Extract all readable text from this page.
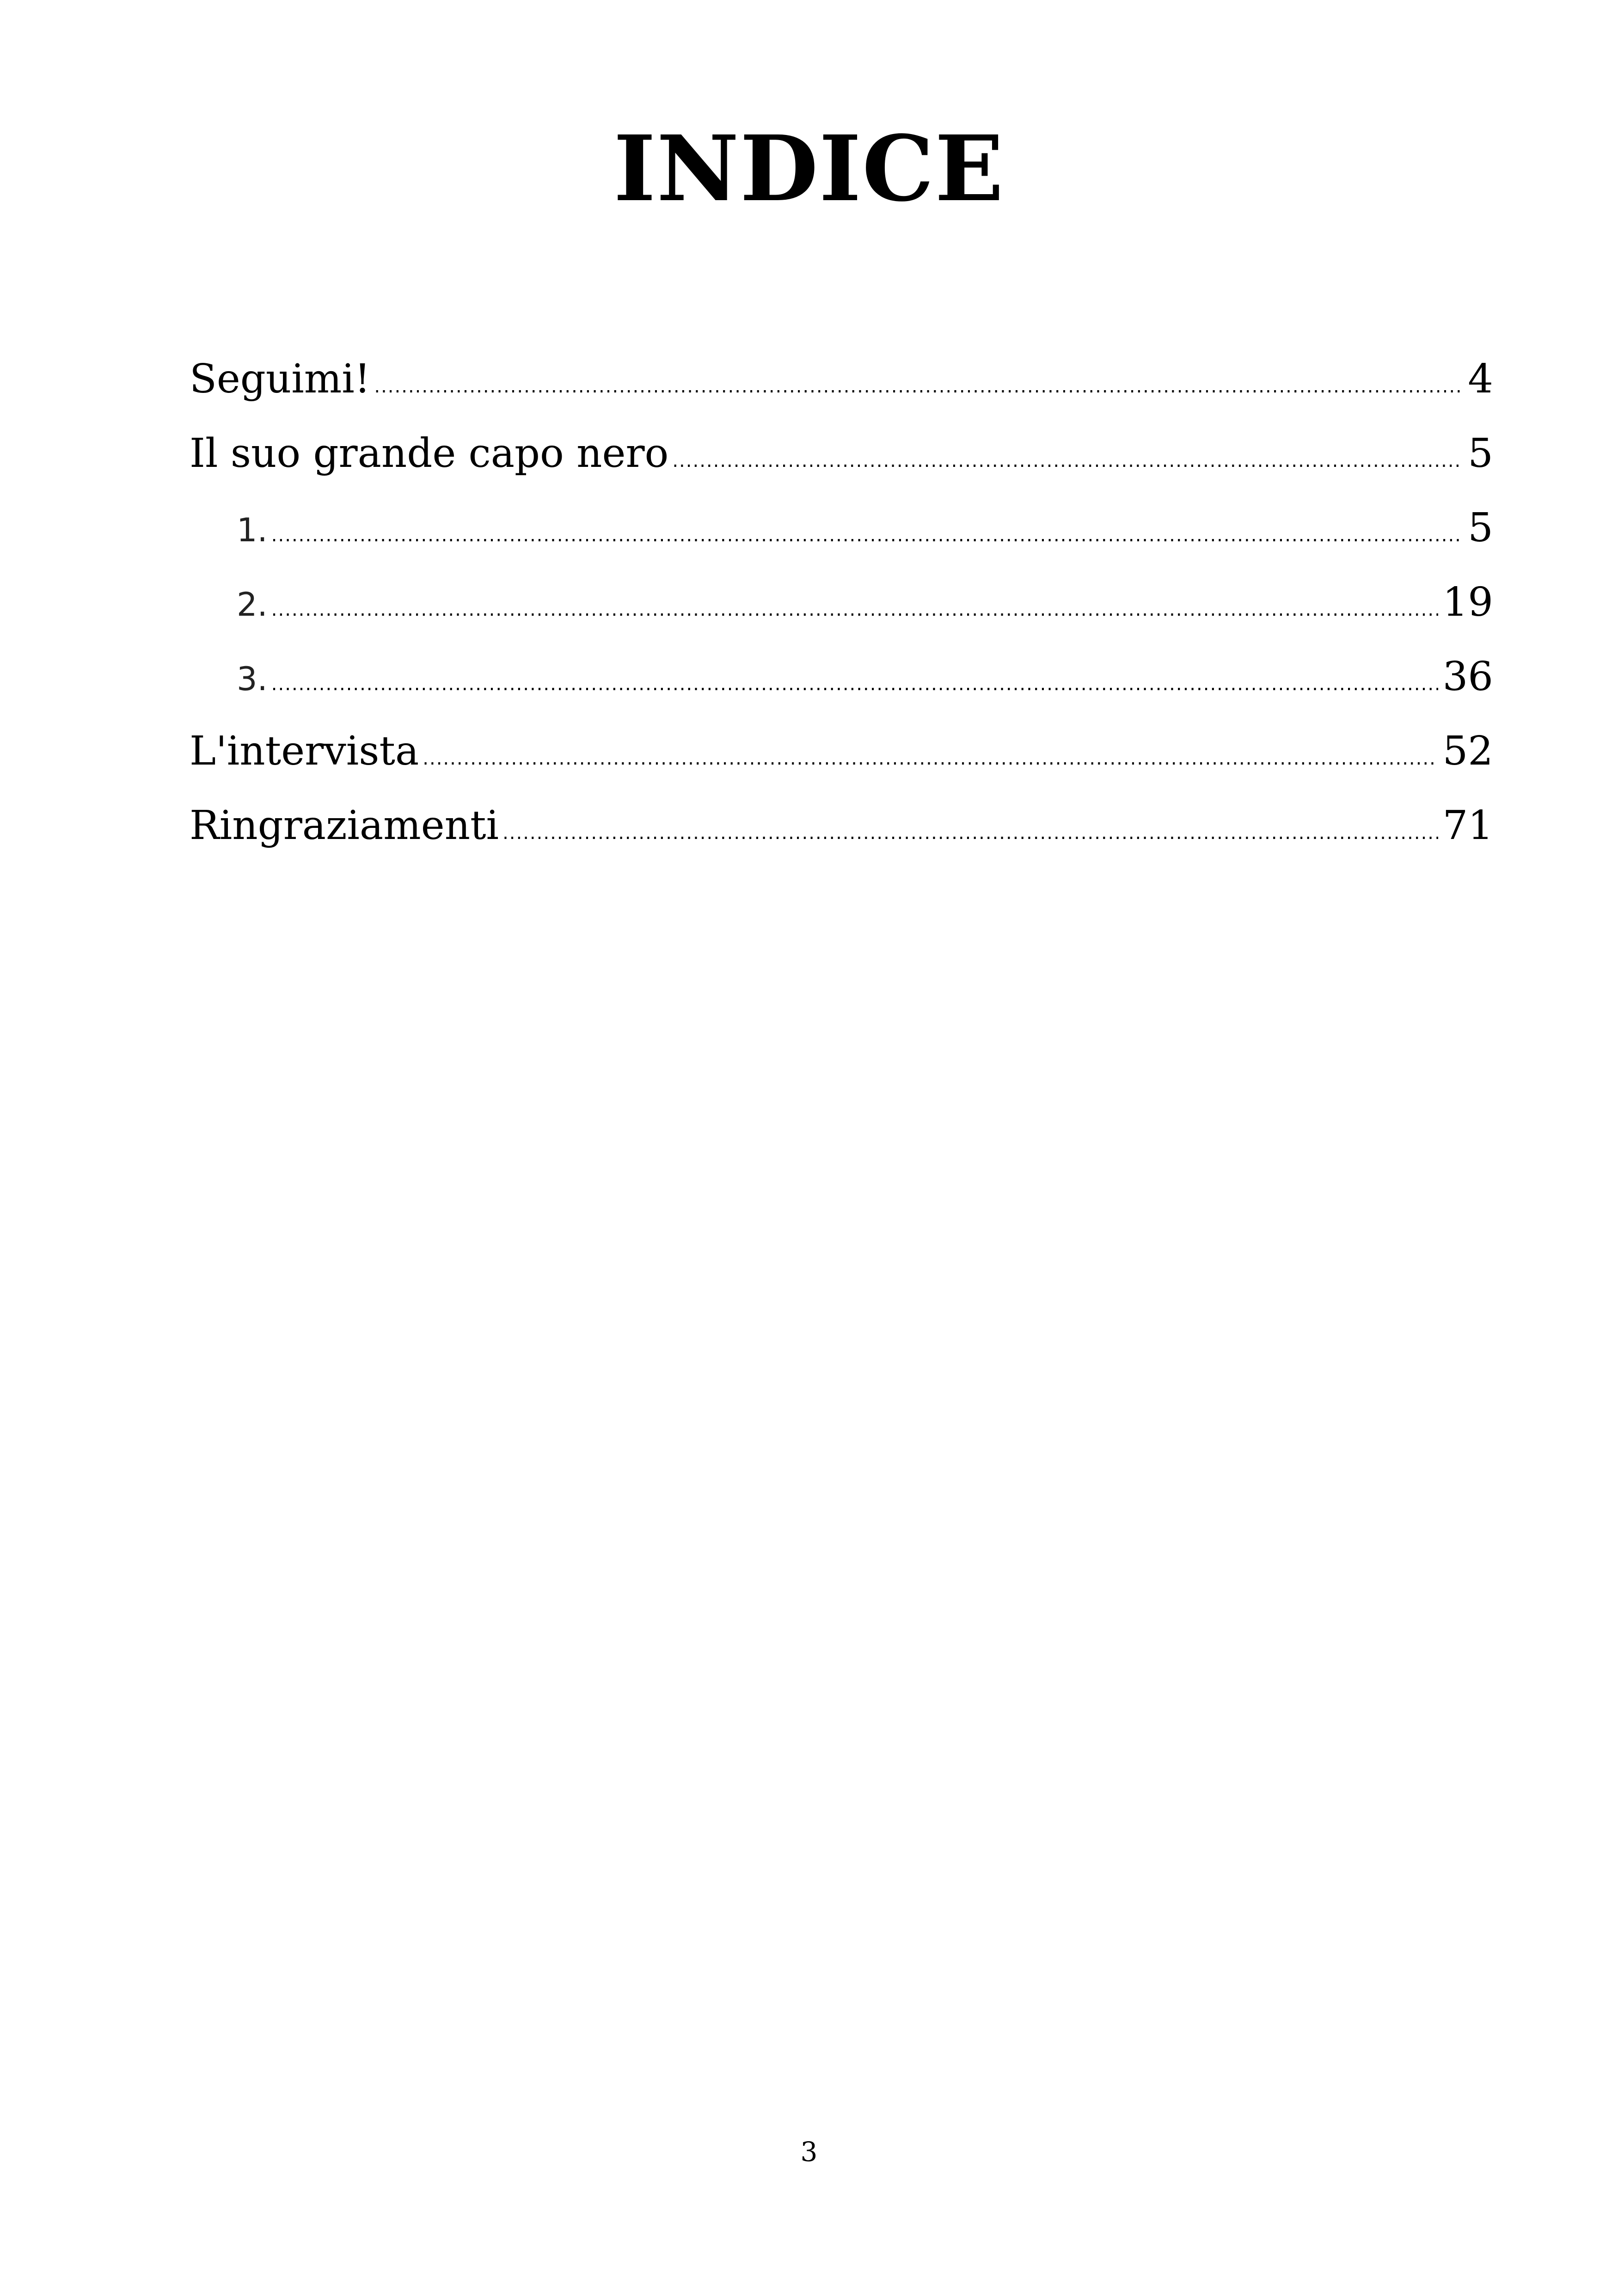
INDICE
Seguimi! .....	4
Il suo grande capo nero .....	5
1. .....	5
2. .....	19
3. .....	36
L'intervista .....	52
Ringraziamenti .....	71
3
